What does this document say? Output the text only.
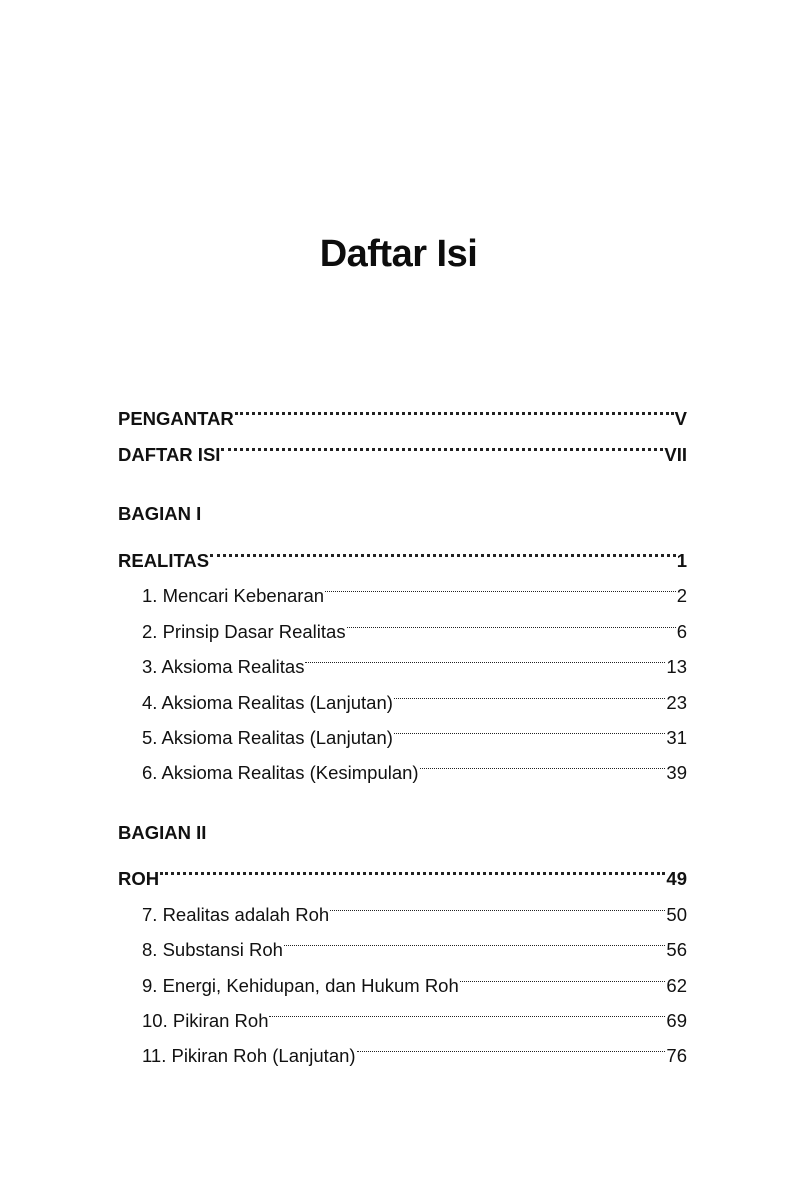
Daftar Isi
PENGANTAR	V
DAFTAR ISI	VII
BAGIAN I
REALITAS	1
1. Mencari Kebenaran	2
2. Prinsip Dasar Realitas	6
3. Aksioma Realitas	13
4. Aksioma Realitas (Lanjutan)	23
5. Aksioma Realitas (Lanjutan)	31
6. Aksioma Realitas (Kesimpulan)	39
BAGIAN II
ROH	49
7. Realitas adalah Roh	50
8. Substansi Roh	56
9. Energi, Kehidupan, dan Hukum Roh	62
10. Pikiran Roh	69
11. Pikiran Roh (Lanjutan)	76
